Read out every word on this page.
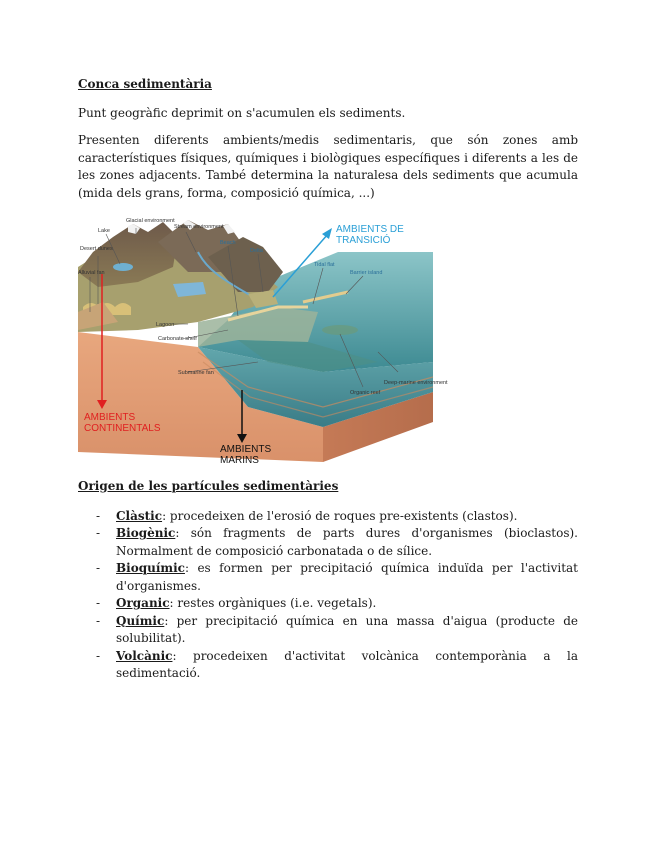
Conca sedimentària

Punt geogràfic deprimit on s'acumulen els sediments.

Presenten diferents ambients/medis sedimentaris, que són zones amb característiques físiques, químiques i biològiques específiques i diferents a les de les zones adjacents. També determina la naturalesa dels sediments que acumula (mida dels grans, forma, composició química, ...)

Glacial environment
Stream environment
Lake
Desert dunes
Alluvial fan
Beach
Delta
Tidal flat
Barrier island
Lagoon
Carbonate shelf
Submarine fan
Organic reef
Deep-marine environment
AMBIENTS DE
TRANSICIÓ
AMBIENTS
CONTINENTALS
AMBIENTS
MARINS

Origen de les partícules sedimentàries

- Clàstic: procedeixen de l'erosió de roques pre-existents (clastos).
- Biogènic: són fragments de parts dures d'organismes (bioclastos). Normalment de composició carbonatada o de sílice.
- Bioquímic: es formen per precipitació química induïda per l'activitat d'organismes.
- Organic: restes orgàniques (i.e. vegetals).
- Químic: per precipitació química en una massa d'aigua (producte de solubilitat).
- Volcànic: procedeixen d'activitat volcànica contemporània a la sedimentació.
